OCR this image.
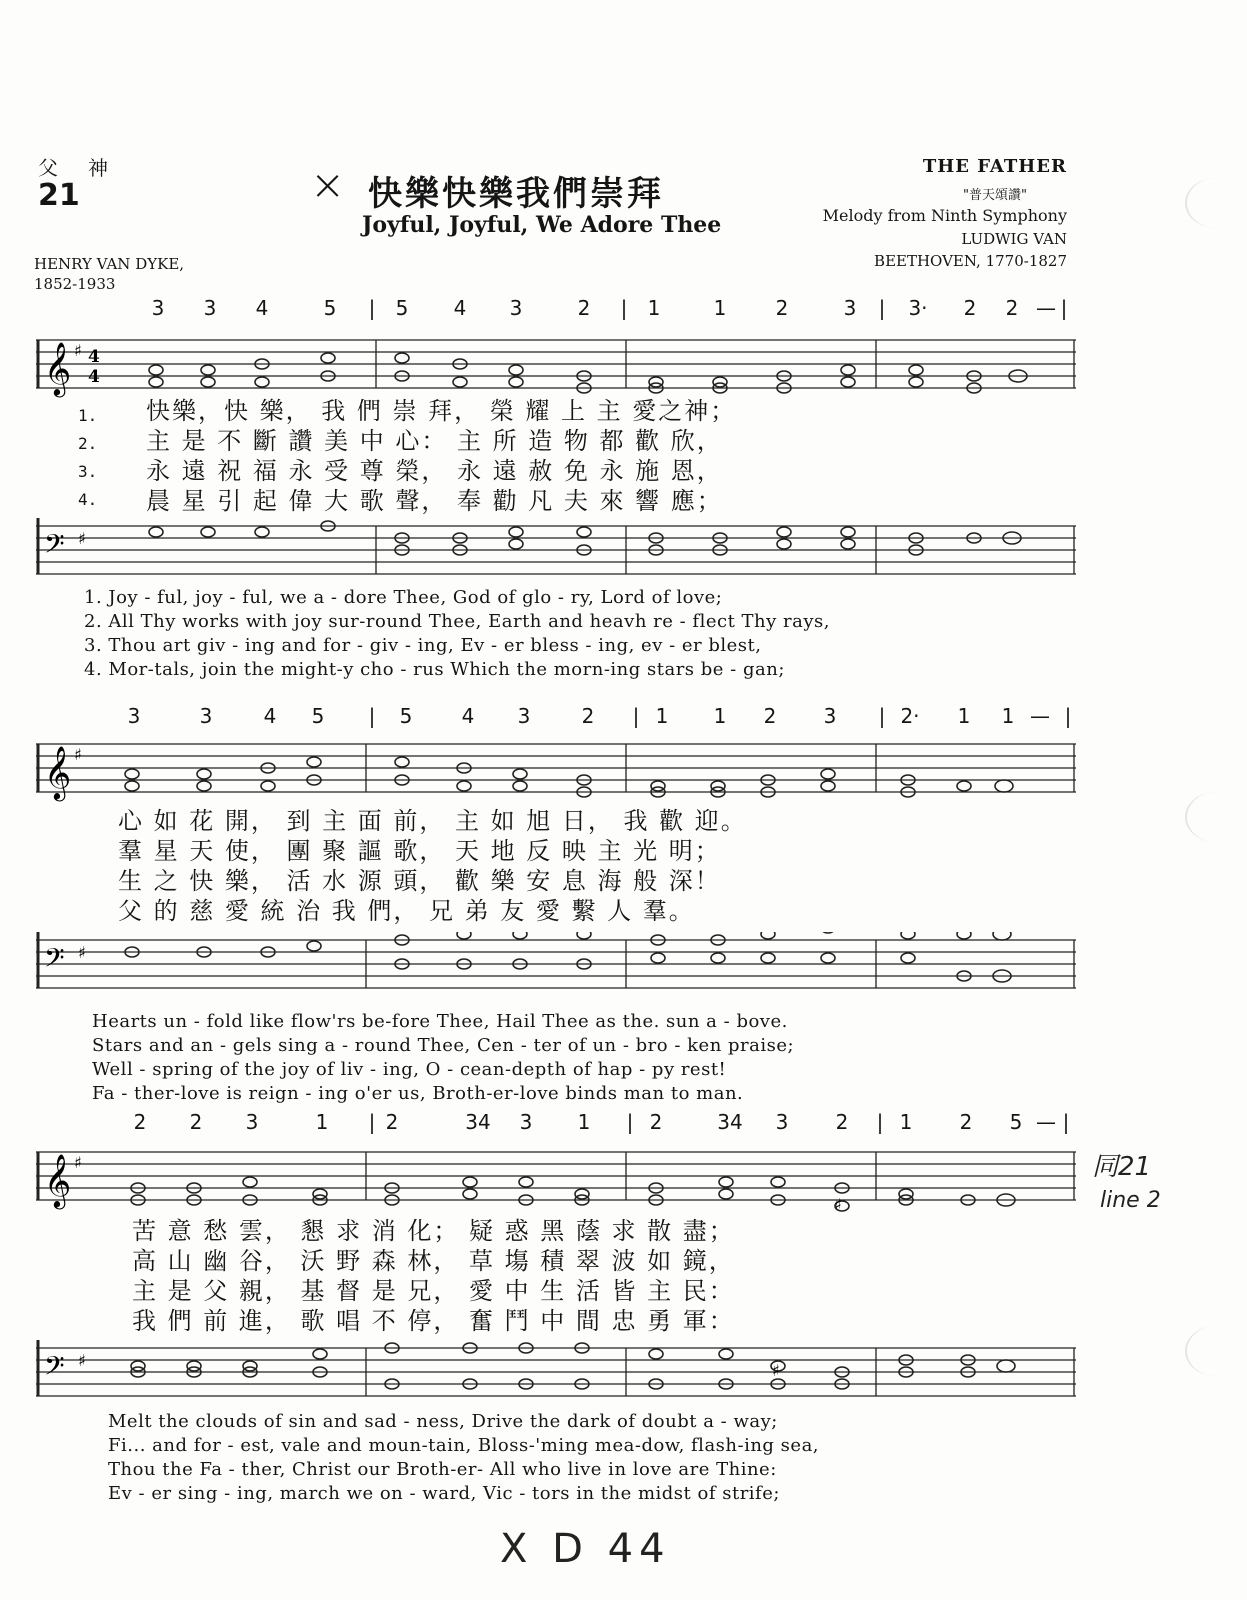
父神
21	× 快樂快樂我們崇拜
Joyful, Joyful, We Adore Thee
THE FATHER
"普天頌讚"
Melody from Ninth Symphony
LUDWIG VAN
BEETHOVEN, 1770-1827
HENRY VAN DYKE,
1852-1933
3 3 4	5 | 5 4 3	2 | 1	1 2	3 | 3· 2 2 — |
𝄞 ♯ 4
4
1.
2.
3.
4.
快樂，快 樂， 我 們 崇 拜， 榮 耀 上 主 愛之神；
主 是 不 斷 讚 美 中 心： 主 所 造 物 都 歡 欣，
永 遠 祝 福 永 受 尊 榮， 永 遠 赦 免 永 施 恩，
晨 星 引 起 偉 大 歌 聲， 奉 勸 凡 夫 來 響 應；
𝄢 ♯
1. Joy - ful, joy - ful, we a - dore Thee, God of glo - ry, Lord of love;
2. All Thy works with joy sur-round Thee, Earth and heavh re - flect Thy rays,
3. Thou art giv - ing and for - giv - ing, Ev - er bless - ing, ev - er blest,
4. Mor-tals, join the might-y cho - rus Which the morn-ing stars be - gan;
3	3	4 5 | 5 4 3	2 | 1 1 2 3 | 2· 1 1 — |
𝄞 ♯
心 如 花 開， 到 主 面 前， 主 如 旭 日， 我 歡 迎。
羣 星 天 使， 團 聚 謳 歌， 天 地 反 映 主 光 明；
生 之 快 樂， 活 水 源 頭， 歡 樂 安 息 海 般 深！
父 的 慈 愛 統 治 我 們， 兄 弟 友 愛 繫 人 羣。
𝄢 ♯
Hearts un - fold like flow'rs be-fore Thee, Hail Thee as the. sun a - bove.
Stars and an - gels sing a - round Thee, Cen - ter of un - bro - ken praise;
Well - spring of the joy of liv - ing, O - cean-depth of hap - py rest!
Fa - ther-love is reign - ing o'er us, Broth-er-love binds man to man.
2 2 3	1 | 2	34 3 1 | 2	34 3 2 | 1 2 5 — |
𝄞 ♯
♯
苦 意 愁 雲， 懇 求 消 化； 疑 惑 黑 蔭 求 散 盡；
高 山 幽 谷， 沃 野 森 林， 草 塲 積 翠 波 如 鏡，
主 是 父 親， 基 督 是 兄， 愛 中 生 活 皆 主 民：
我 們 前 進， 歌 唱 不 停， 奮 鬥 中 間 忠 勇 軍：
𝄢 ♯
♯
Melt the clouds of sin and sad - ness, Drive the dark of doubt a - way;
Fi... and for - est, vale and moun-tain, Bloss-'ming mea-dow, flash-ing sea,
Thou the Fa - ther, Christ our Broth-er- All who live in love are Thine:
Ev - er sing - ing, march we on - ward, Vic - tors in the midst of strife;
同21
line 2
X D 44
